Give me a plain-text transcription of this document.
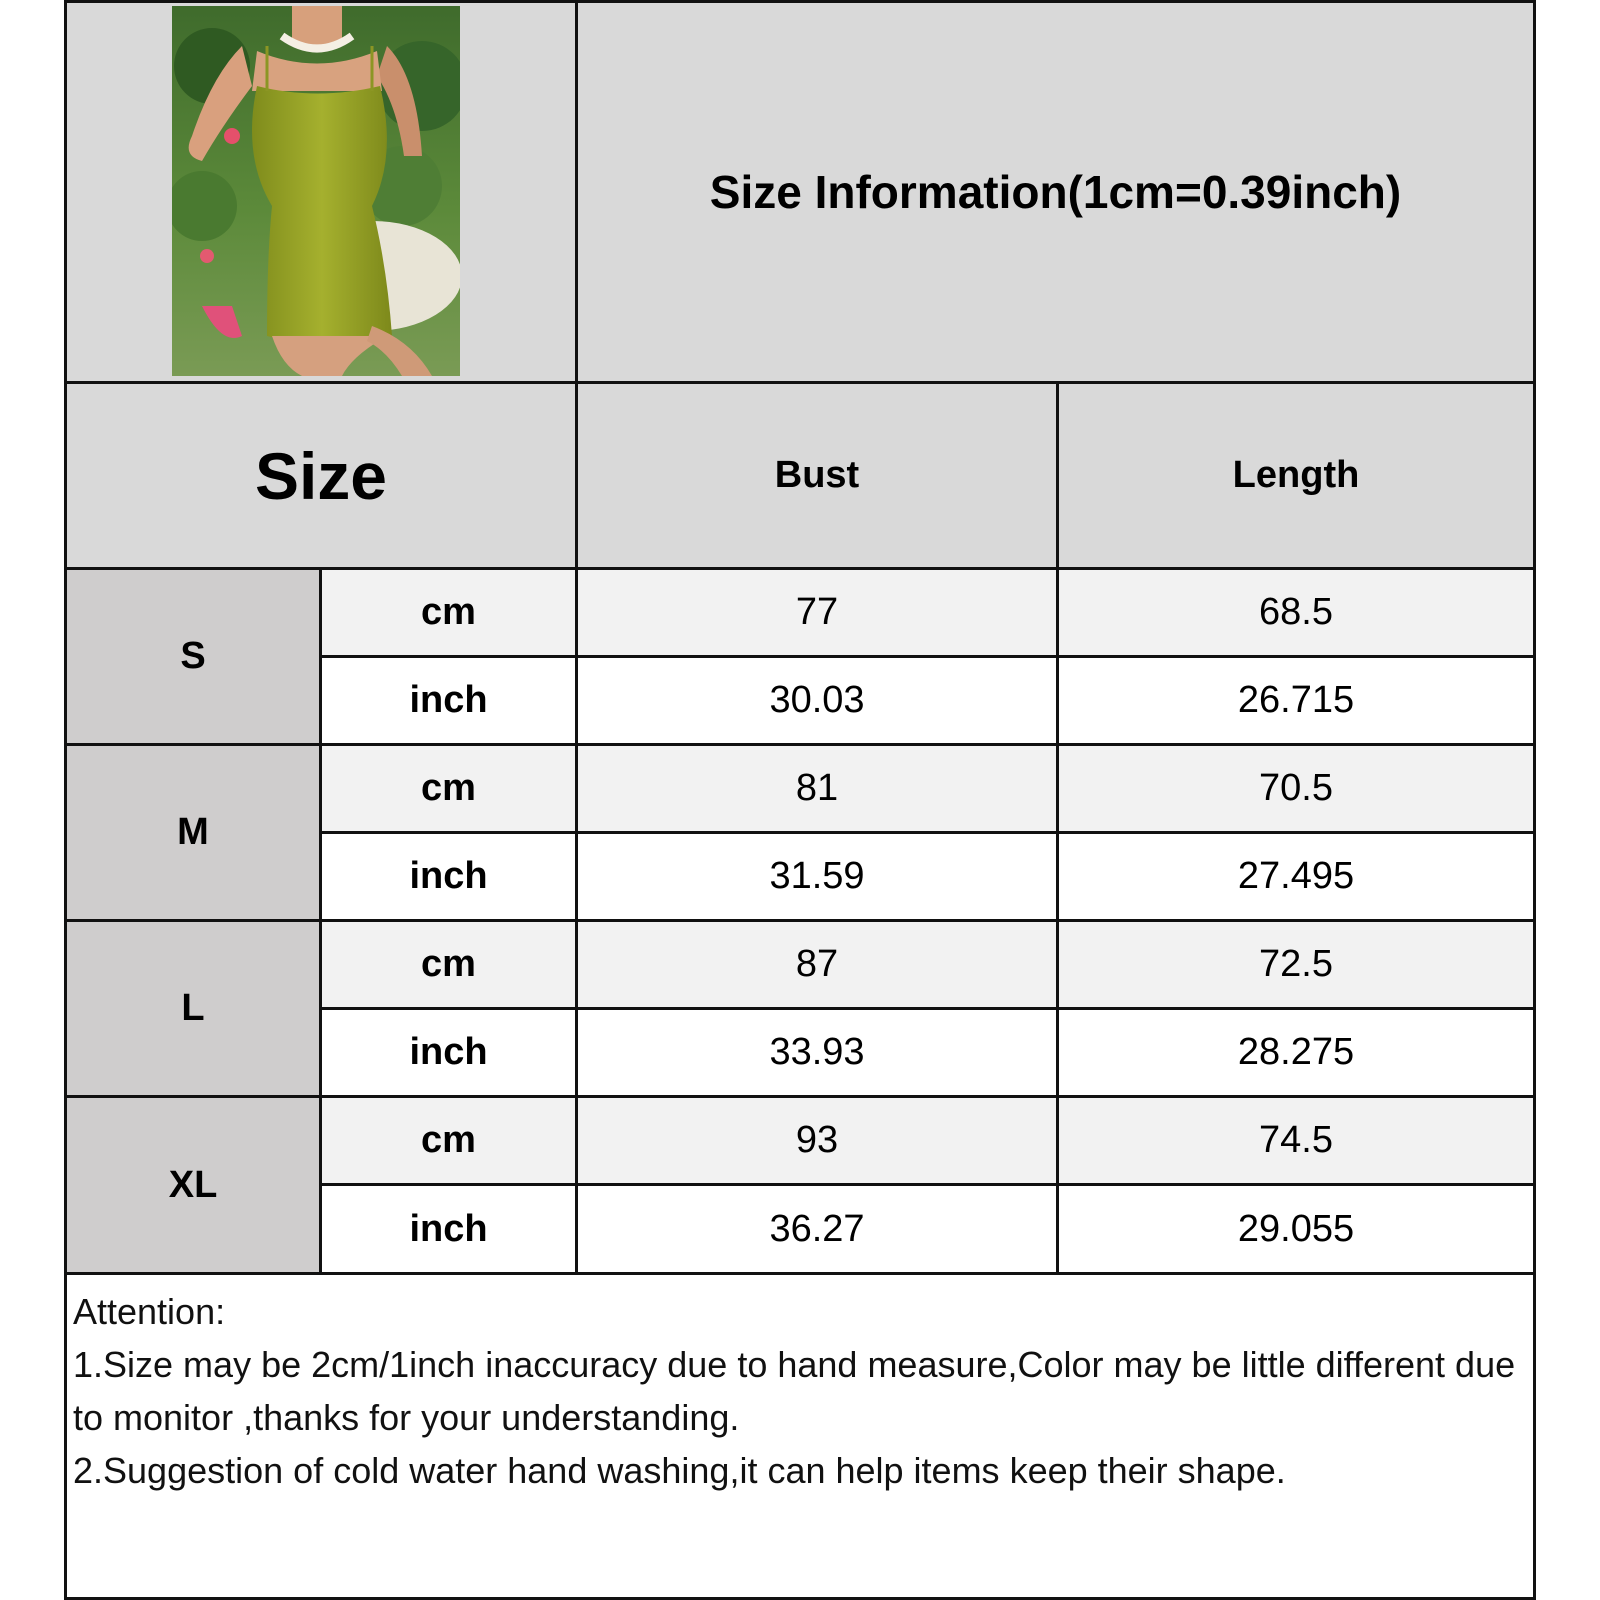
Size Information(1cm=0.39inch)
Size	Bust	Length
S
cm	77	68.5
inch	30.03	26.715
M
cm	81	70.5
inch	31.59	27.495
L
cm	87	72.5
inch	33.93	28.275
XL
cm	93	74.5
inch	36.27	29.055

Attention:

1.Size may be 2cm/1inch inaccuracy due to hand measure,Color may be little different due to monitor ,thanks for your understanding.

2.Suggestion of cold water hand washing,it can help items keep their shape.
